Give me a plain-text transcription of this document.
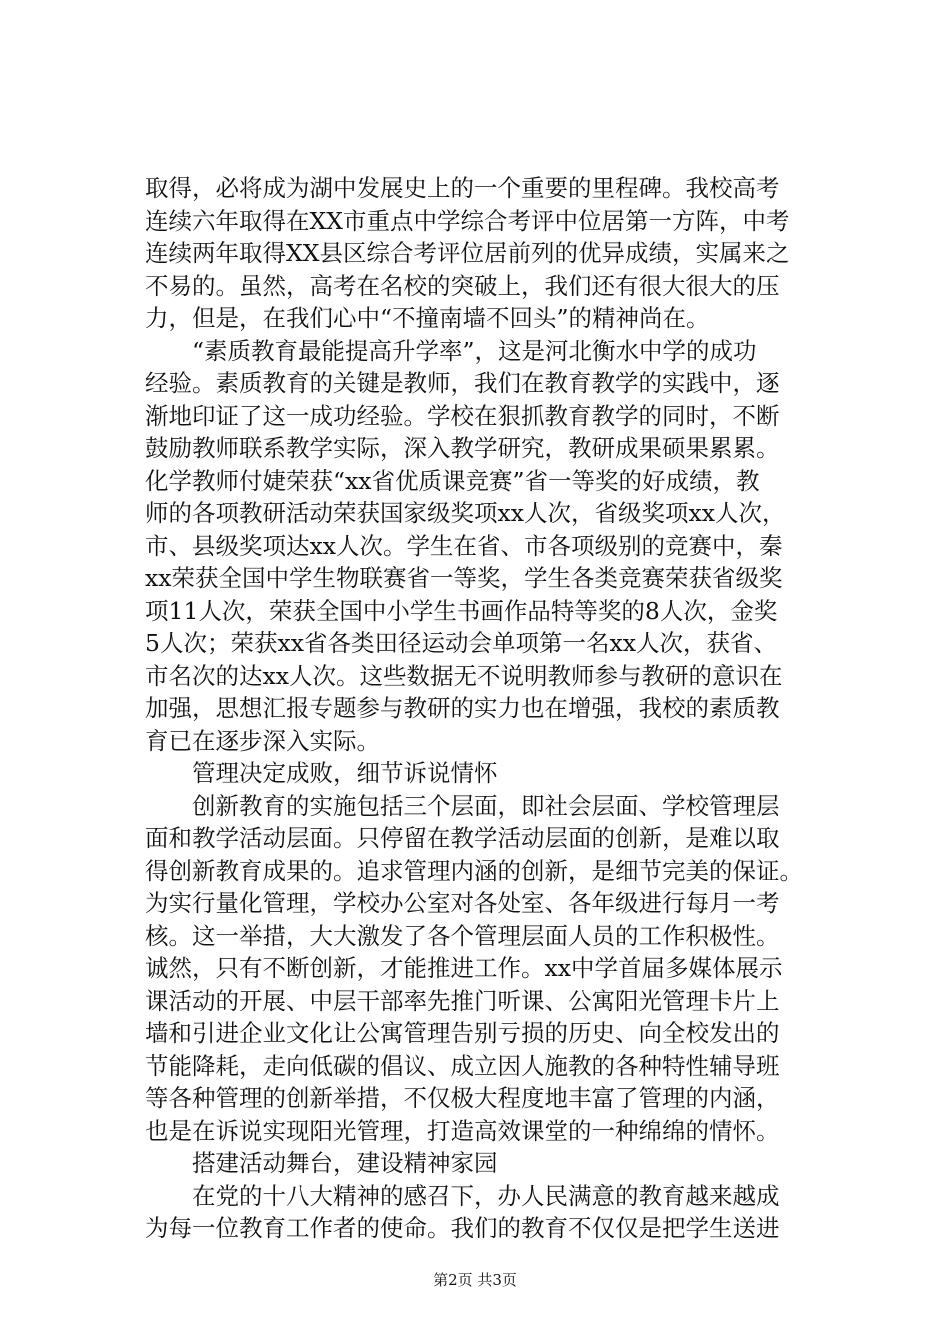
取得，必将成为湖中发展史上的一个重要的里程碑。我校高考
连续六年取得在XX市重点中学综合考评中位居第一方阵，中考
连续两年取得XX县区综合考评位居前列的优异成绩，实属来之
不易的。虽然，高考在名校的突破上，我们还有很大很大的压
力，但是，在我们心中“不撞南墙不回头”的精神尚在。
“素质教育最能提高升学率”，这是河北衡水中学的成功
经验。素质教育的关键是教师，我们在教育教学的实践中，逐
渐地印证了这一成功经验。学校在狠抓教育教学的同时，不断
鼓励教师联系教学实际，深入教学研究，教研成果硕果累累。
化学教师付婕荣获“xx省优质课竞赛”省一等奖的好成绩，教
师的各项教研活动荣获国家级奖项xx人次，省级奖项xx人次，
市、县级奖项达xx人次。学生在省、市各项级别的竞赛中，秦
xx荣获全国中学生物联赛省一等奖，学生各类竞赛荣获省级奖
项11人次，荣获全国中小学生书画作品特等奖的8人次，金奖
5人次；荣获xx省各类田径运动会单项第一名xx人次，获省、
市名次的达xx人次。这些数据无不说明教师参与教研的意识在
加强，思想汇报专题参与教研的实力也在增强，我校的素质教
育已在逐步深入实际。
管理决定成败，细节诉说情怀
创新教育的实施包括三个层面，即社会层面、学校管理层
面和教学活动层面。只停留在教学活动层面的创新，是难以取
得创新教育成果的。追求管理内涵的创新，是细节完美的保证。
为实行量化管理，学校办公室对各处室、各年级进行每月一考
核。这一举措，大大激发了各个管理层面人员的工作积极性。
诚然，只有不断创新，才能推进工作。xx中学首届多媒体展示
课活动的开展、中层干部率先推门听课、公寓阳光管理卡片上
墙和引进企业文化让公寓管理告别亏损的历史、向全校发出的
节能降耗，走向低碳的倡议、成立因人施教的各种特性辅导班
等各种管理的创新举措，不仅极大程度地丰富了管理的内涵，
也是在诉说实现阳光管理，打造高效课堂的一种绵绵的情怀。
搭建活动舞台，建设精神家园
在党的十八大精神的感召下，办人民满意的教育越来越成
为每一位教育工作者的使命。我们的教育不仅仅是把学生送进
第2页 共3页
